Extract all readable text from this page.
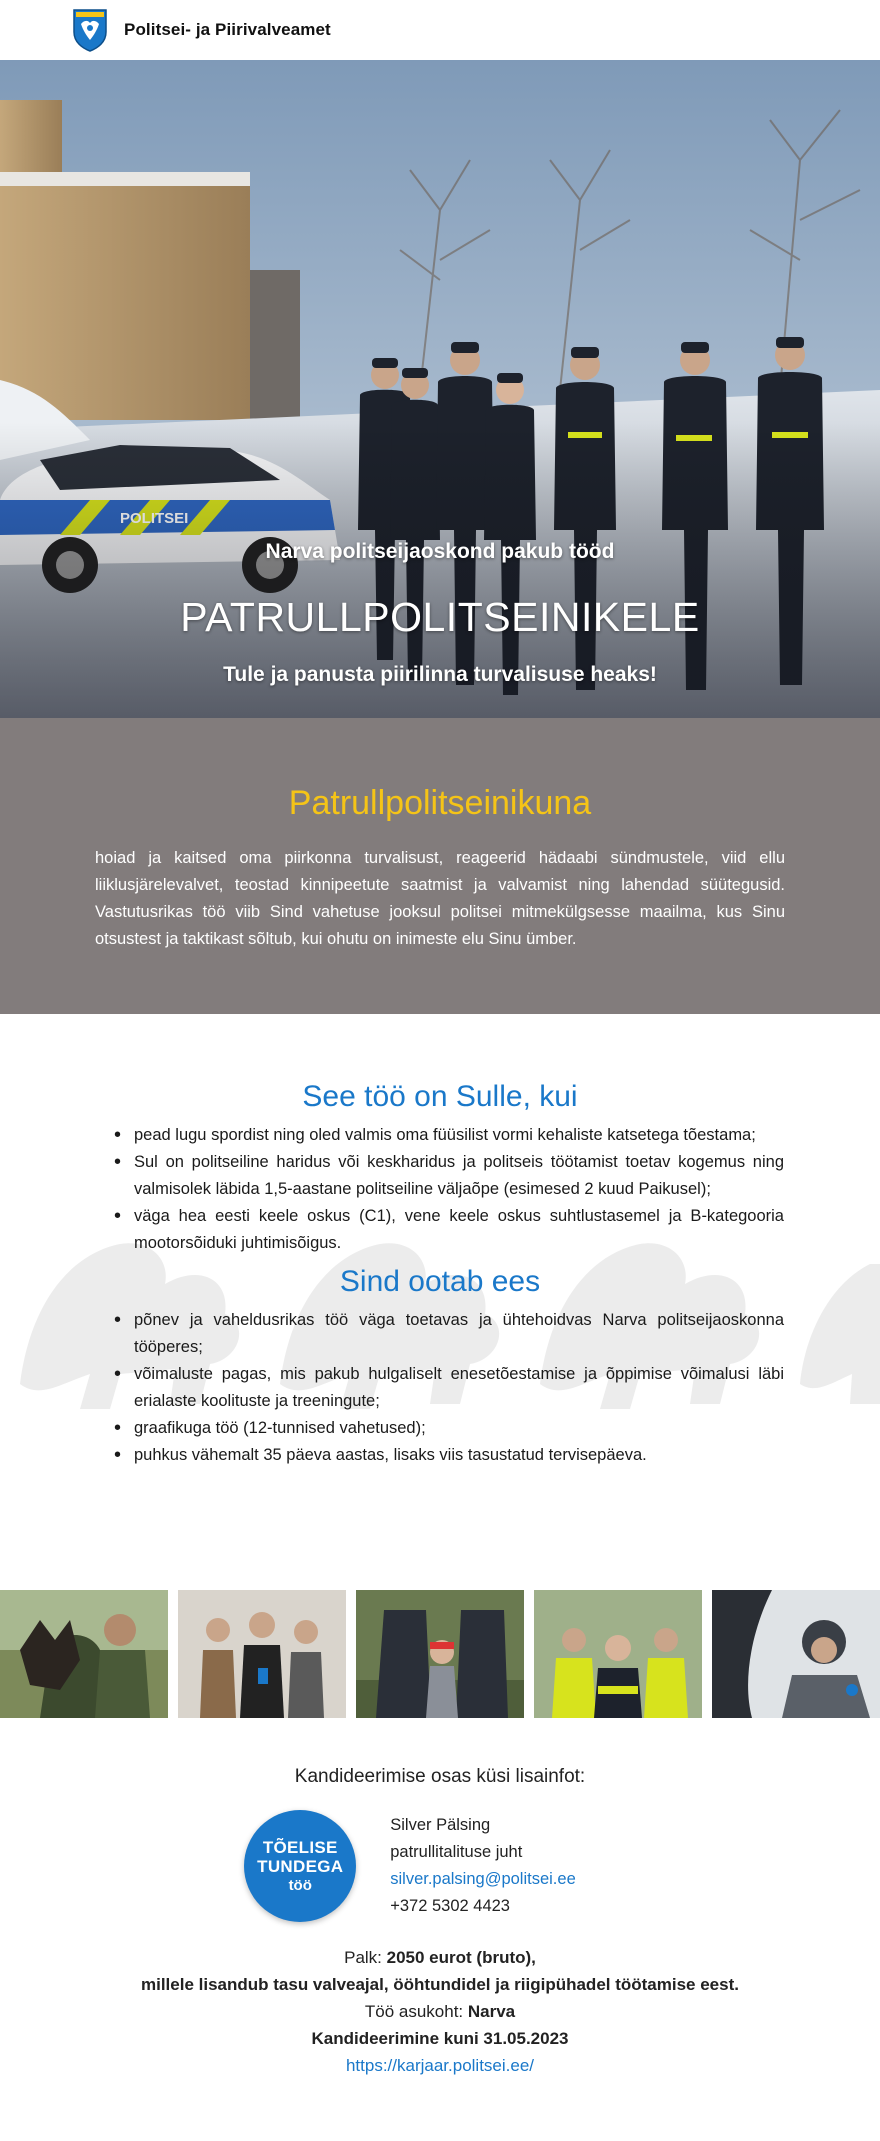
Politsei- ja Piirivalveamet
Narva politseijaoskond pakub tööd
PATRULLPOLITSEINIKELE
Tule ja panusta piirilinna turvalisuse heaks!
Patrullpolitseinikuna

hoiad ja kaitsed oma piirkonna turvalisust, reageerid hädaabi sündmustele, viid ellu liiklusjärelevalvet, teostad kinnipeetute saatmist ja valvamist ning lahendad süütegusid. Vastutusrikas töö viib Sind vahetuse jooksul politsei mitmekülgsesse maailma, kus Sinu otsustest ja taktikast sõltub, kui ohutu on inimeste elu Sinu ümber.

See töö on Sulle, kui
• pead lugu spordist ning oled valmis oma füüsilist vormi kehaliste katsetega tõestama;
• Sul on politseiline haridus või keskharidus ja politseis töötamist toetav kogemus ning valmisolek läbida 1,5-aastane politseiline väljaõpe (esimesed 2 kuud Paikusel);
• väga hea eesti keele oskus (C1), vene keele oskus suhtlustasemel ja B-kategooria mootorsõiduki juhtimisõigus.
Sind ootab ees
• põnev ja vaheldusrikas töö väga toetavas ja ühtehoidvas Narva politseijaoskonna tööperes;
• võimaluste pagas, mis pakub hulgaliselt enesetõestamise ja õppimise võimalusi läbi erialaste koolituste ja treeningute;
• graafikuga töö (12-tunnised vahetused);
• puhkus vähemalt 35 päeva aastas, lisaks viis tasustatud tervisepäeva.
Kandideerimise osas küsi lisainfot:
TÕELISE
TUNDEGA
töö
Silver Pälsing
patrullitalituse juht
silver.palsing@politsei.ee
+372 5302 4423
Palk: 2050 eurot (bruto),
millele lisandub tasu valveajal, ööhtundidel ja riigipühadel töötamise eest.
Töö asukoht: Narva
Kandideerimine kuni 31.05.2023
https://karjaar.politsei.ee/
